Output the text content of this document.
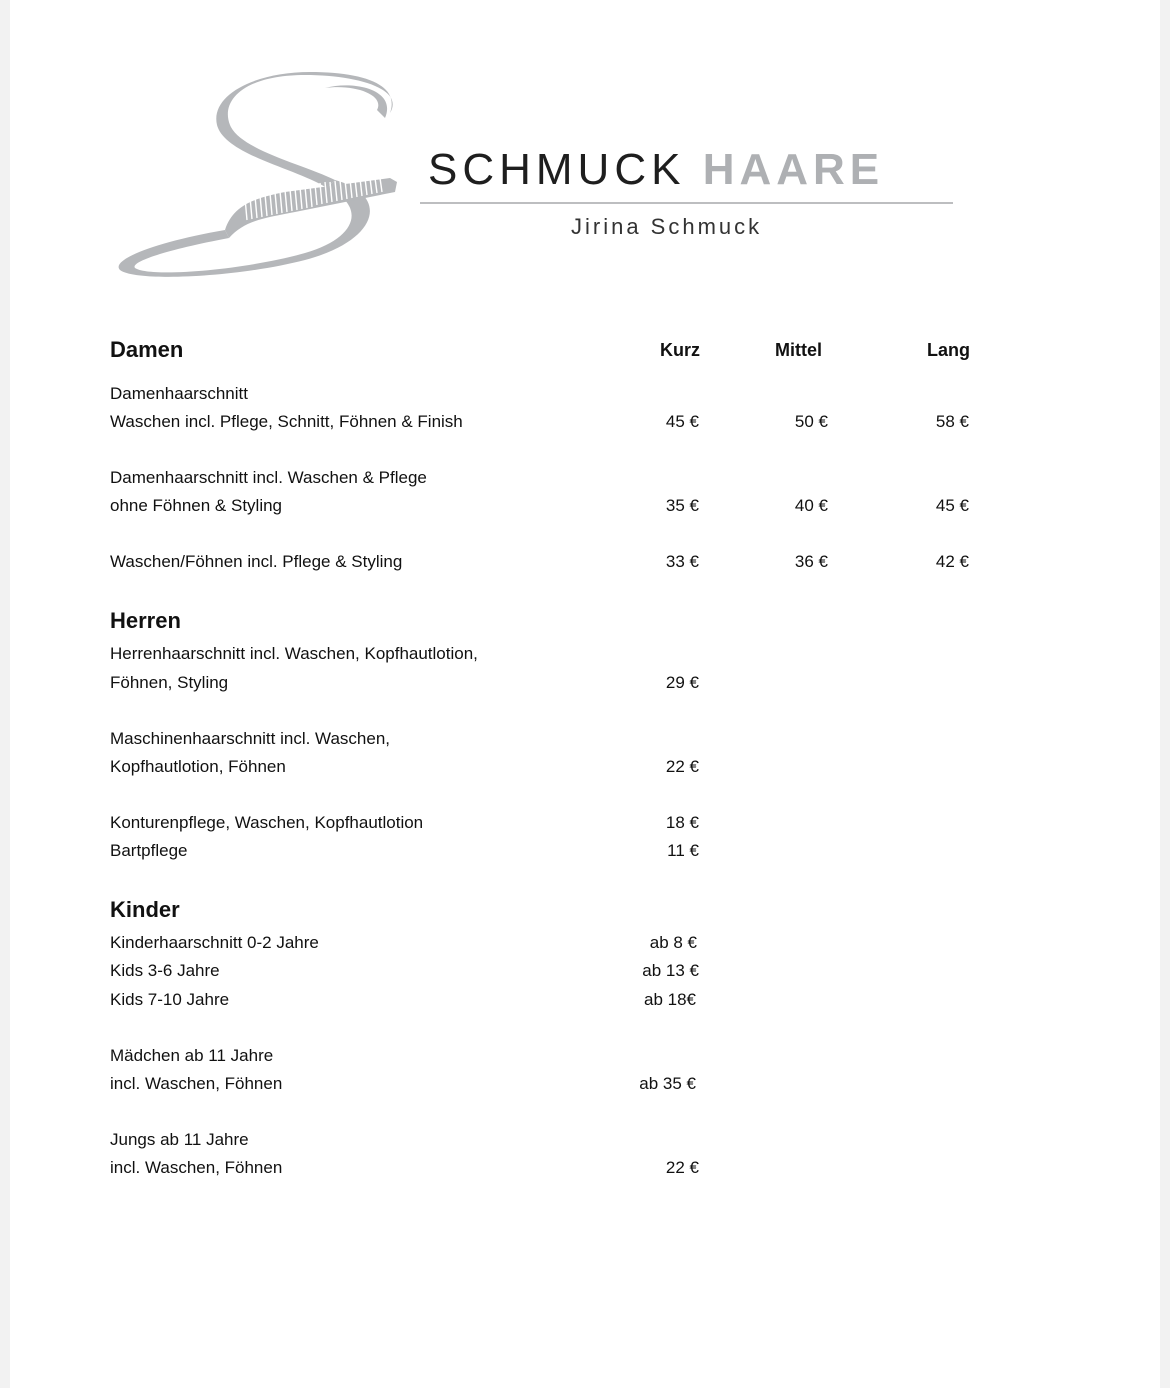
SCHMUCK HAARE
Jirina Schmuck
Damen	Kurz	Mittel	Lang
Damenhaarschnitt
Waschen incl. Pflege, Schnitt, Föhnen & Finish	45 €	50 €	58 €
Damenhaarschnitt incl. Waschen & Pflege
ohne Föhnen & Styling	35 €	40 €	45 €
Waschen/Föhnen incl. Pflege & Styling	33 €	36 €	42 €
Herren
Herrenhaarschnitt incl. Waschen, Kopfhautlotion,
Föhnen, Styling	29 €
Maschinenhaarschnitt incl. Waschen,
Kopfhautlotion, Föhnen	22 €
Konturenpflege, Waschen, Kopfhautlotion	18 €
Bartpflege	11 €
Kinder
Kinderhaarschnitt 0-2 Jahre	ab 8 €
Kids 3-6 Jahre	ab 13 €
Kids 7-10 Jahre	ab 18€
Mädchen ab 11 Jahre
incl. Waschen, Föhnen	ab 35 €
Jungs ab 11 Jahre
incl. Waschen, Föhnen	22 €
